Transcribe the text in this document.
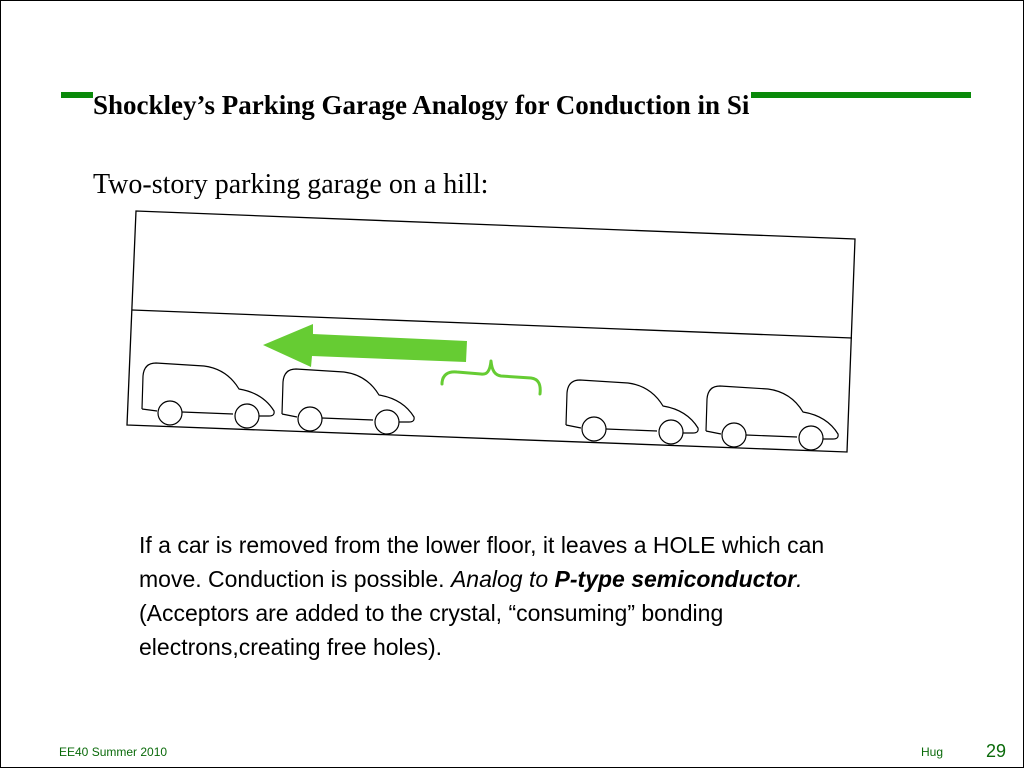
Shockley’s Parking Garage Analogy for Conduction in Si
Two-story parking garage on a hill:
If a car is removed from the lower floor, it leaves a HOLE which can move. Conduction is possible. Analog to P-type semiconductor. (Acceptors are added to the crystal, “consuming” bonding electrons,creating free holes).
EE40 Summer 2010	Hug 29
